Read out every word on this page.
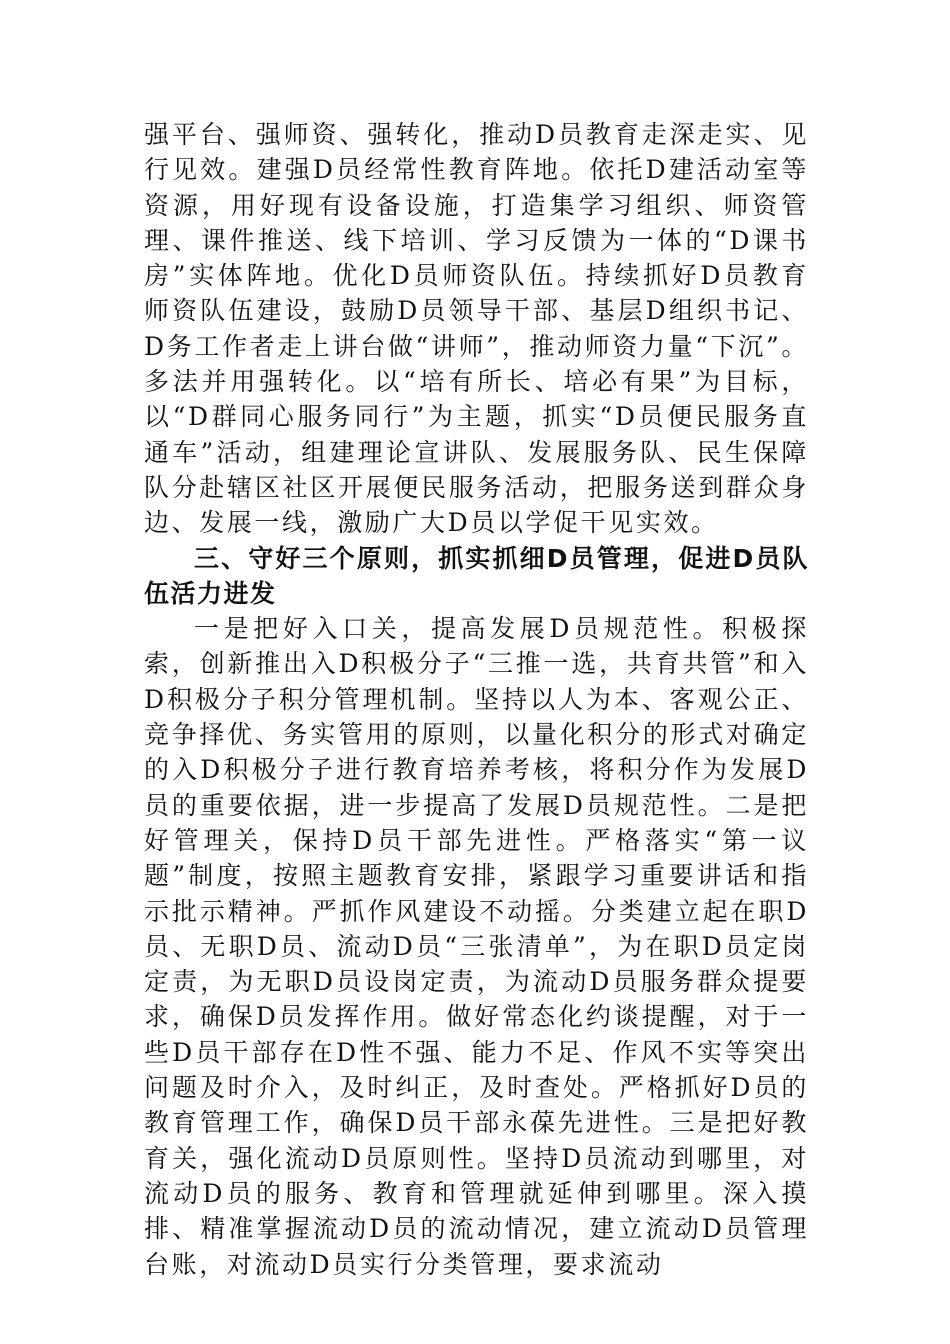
强平台、强师资、强转化，推动D员教育走深走实、见行见效。建强D员经常性教育阵地。依托D建活动室等资源，用好现有设备设施，打造集学习组织、师资管理、课件推送、线下培训、学习反馈为一体的“D课书房”实体阵地。优化D员师资队伍。持续抓好D员教育师资队伍建设，鼓励D员领导干部、基层D组织书记、D务工作者走上讲台做“讲师”，推动师资力量“下沉”。多法并用强转化。以“培有所长、培必有果”为目标，以“D群同心服务同行”为主题，抓实“D员便民服务直通车”活动，组建理论宣讲队、发展服务队、民生保障队分赴辖区社区开展便民服务活动，把服务送到群众身边、发展一线，激励广大D员以学促干见实效。

三、守好三个原则，抓实抓细D员管理，促进D员队伍活力进发

一是把好入口关，提高发展D员规范性。积极探索，创新推出入D积极分子“三推一选，共育共管”和入D积极分子积分管理机制。坚持以人为本、客观公正、竞争择优、务实管用的原则，以量化积分的形式对确定的入D积极分子进行教育培养考核，将积分作为发展D员的重要依据，进一步提高了发展D员规范性。二是把好管理关，保持D员干部先进性。严格落实“第一议题”制度，按照主题教育安排，紧跟学习重要讲话和指示批示精神。严抓作风建设不动摇。分类建立起在职D员、无职D员、流动D员“三张清单”，为在职D员定岗定责，为无职D员设岗定责，为流动D员服务群众提要求，确保D员发挥作用。做好常态化约谈提醒，对于一些D员干部存在D性不强、能力不足、作风不实等突出问题及时介入，及时纠正，及时查处。严格抓好D员的教育管理工作，确保D员干部永葆先进性。三是把好教育关，强化流动D员原则性。坚持D员流动到哪里，对流动D员的服务、教育和管理就延伸到哪里。深入摸排、精准掌握流动D员的流动情况，建立流动D员管理台账，对流动D员实行分类管理，要求流动
